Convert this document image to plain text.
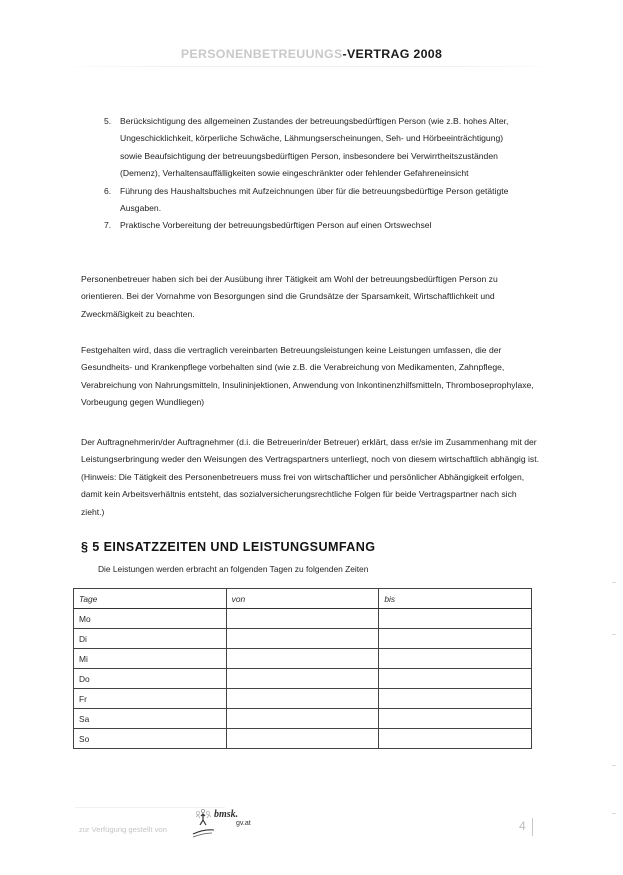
PERSONENBETREUUNGS-VERTRAG 2008
5. Berücksichtigung des allgemeinen Zustandes der betreuungsbedürftigen Person (wie z.B. hohes Alter, Ungeschicklichkeit, körperliche Schwäche, Lähmungserscheinungen, Seh- und Hörbeeinträchtigung) sowie Beaufsichtigung der betreuungsbedürftigen Person, insbesondere bei Verwirrtheitszuständen (Demenz), Verhaltensauffälligkeiten sowie eingeschränkter oder fehlender Gefahreneinsicht
6. Führung des Haushaltsbuches mit Aufzeichnungen über für die betreuungsbedürftige Person getätigte Ausgaben.
7. Praktische Vorbereitung der betreuungsbedürftigen Person auf einen Ortswechsel

Personenbetreuer haben sich bei der Ausübung ihrer Tätigkeit am Wohl der betreuungsbedürftigen Person zu orientieren. Bei der Vornahme von Besorgungen sind die Grundsätze der Sparsamkeit, Wirtschaftlichkeit und Zweckmäßigkeit zu beachten.

Festgehalten wird, dass die vertraglich vereinbarten Betreuungsleistungen keine Leistungen umfassen, die der Gesundheits- und Krankenpflege vorbehalten sind (wie z.B. die Verabreichung von Medikamenten, Zahnpflege, Verabreichung von Nahrungsmitteln, Insulininjektionen, Anwendung von Inkontinenzhilfsmitteln, Thromboseprophylaxe, Vorbeugung gegen Wundliegen)

Der Auftragnehmerin/der Auftragnehmer (d.i. die Betreuerin/der Betreuer) erklärt, dass er/sie im Zusammenhang mit der Leistungserbringung weder den Weisungen des Vertragspartners unterliegt, noch von diesem wirtschaftlich abhängig ist. (Hinweis: Die Tätigkeit des Personenbetreuers muss frei von wirtschaftlicher und persönlicher Abhängigkeit erfolgen, damit kein Arbeitsverhältnis entsteht, das sozialversicherungsrechtliche Folgen für beide Vertragspartner nach sich zieht.)

§ 5 EINSATZZEITEN UND LEISTUNGSUMFANG
Die Leistungen werden erbracht an folgenden Tagen zu folgenden Zeiten
Tage	von	bis
Mo		
Di		
Mi		
Do		
Fr		
Sa		
So		
zur Verfügung gestellt von
bmsk.
gv.at	4
